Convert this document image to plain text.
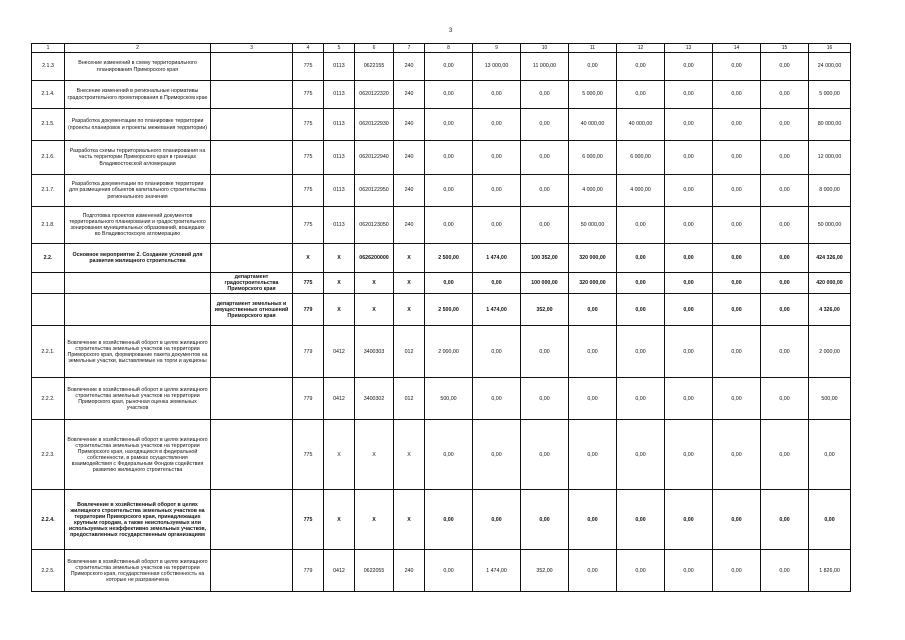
3
1	2	3	4	5	6	7	8	9	10	11	12	13	14	15	16
2.1.3	Внесение изменений в схему территориального планирования Приморского края		775	0113	0622155	240	0,00	13 000,00	11 000,00	0,00	0,00	0,00	0,00	0,00	24 000,00
2.1.4.	Внесение изменений в региональные нормативы градостроительного проектирования в Приморском крае		775	0113	0620122320	240	0,00	0,00	0,00	5 000,00	0,00	0,00	0,00	0,00	5 000,00
2.1.5.	Разработка документации по планировке территории (проекты планировок и проекты межевания территории)		775	0113	0620122930	240	0,00	0,00	0,00	40 000,00	40 000,00	0,00	0,00	0,00	80 000,00
2.1.6.	Разработка схемы территориального планирования на часть территории Приморского края в границах Владивостокской агломерации		775	0113	0620122940	240	0,00	0,00	0,00	6 000,00	6 000,00	0,00	0,00	0,00	12 000,00
2.1.7.	Разработка документации по планировке территории для размещения объектов капитального строительства регионального значения		775	0113	0620122950	240	0,00	0,00	0,00	4 000,00	4 000,00	0,00	0,00	0,00	8 000,00
2.1.8.	Подготовка проектов изменений документов территориального планирования и градостроительного зонирования муниципальных образований, вошедших во Владивостокскую агломерацию		775	0113	0620123050	240	0,00	0,00	0,00	50 000,00	0,00	0,00	0,00	0,00	50 000,00
2.2.	Основное мероприятие 2. Создание условий для развития жилищного строительства		X	X	0626200000	X	2 500,00	1 474,00	100 352,00	320 000,00	0,00	0,00	0,00	0,00	424 326,00
		департамент градостроительства Приморского края	775	X	X	X	0,00	0,00	100 000,00	320 000,00	0,00	0,00	0,00	0,00	420 000,00
		департамент земельных и имущественных отношений Приморского края	779	X	X	X	2 500,00	1 474,00	352,00	0,00	0,00	0,00	0,00	0,00	4 326,00
2.2.1.	Вовлечение в хозяйственный оборот в целях жилищного строительства земельных участков на территории Приморского края, формирование пакета документов на земельные участки, выставляемые на торги и аукционы		779	0412	3400303	012	2 000,00	0,00	0,00	0,00	0,00	0,00	0,00	0,00	2 000,00
2.2.2.	Вовлечение в хозяйственный оборот в целях жилищного строительства земельных участков на территории Приморского края, рыночная оценка земельных участков		779	0412	3400302	012	500,00	0,00	0,00	0,00	0,00	0,00	0,00	0,00	500,00
2.2.3.	Вовлечение в хозяйственный оборот в целях жилищного строительства земельных участков на территории Приморского края, находящихся в федеральной собственности, в рамках осуществления взаимодействия с Федеральным Фондом содействия развитию жилищного строительства		775	X	X	X	0,00	0,00	0,00	0,00	0,00	0,00	0,00	0,00	0,00
2.2.4.	Вовлечение в хозяйственный оборот в целях жилищного строительства земельных участков на территории Приморского края, принадлежащих крупным городам, а также неиспользуемых или используемых неэффективно земельных участков, предоставленных государственным организациям		775	X	X	X	0,00	0,00	0,00	0,00	0,00	0,00	0,00	0,00	0,00
2.2.5.	Вовлечение в хозяйственный оборот в целях жилищного строительства земельных участков на территории Приморского края, государственная собственность на которые не разграничена		779	0412	0622055	240	0,00	1 474,00	352,00	0,00	0,00	0,00	0,00	0,00	1 826,00
